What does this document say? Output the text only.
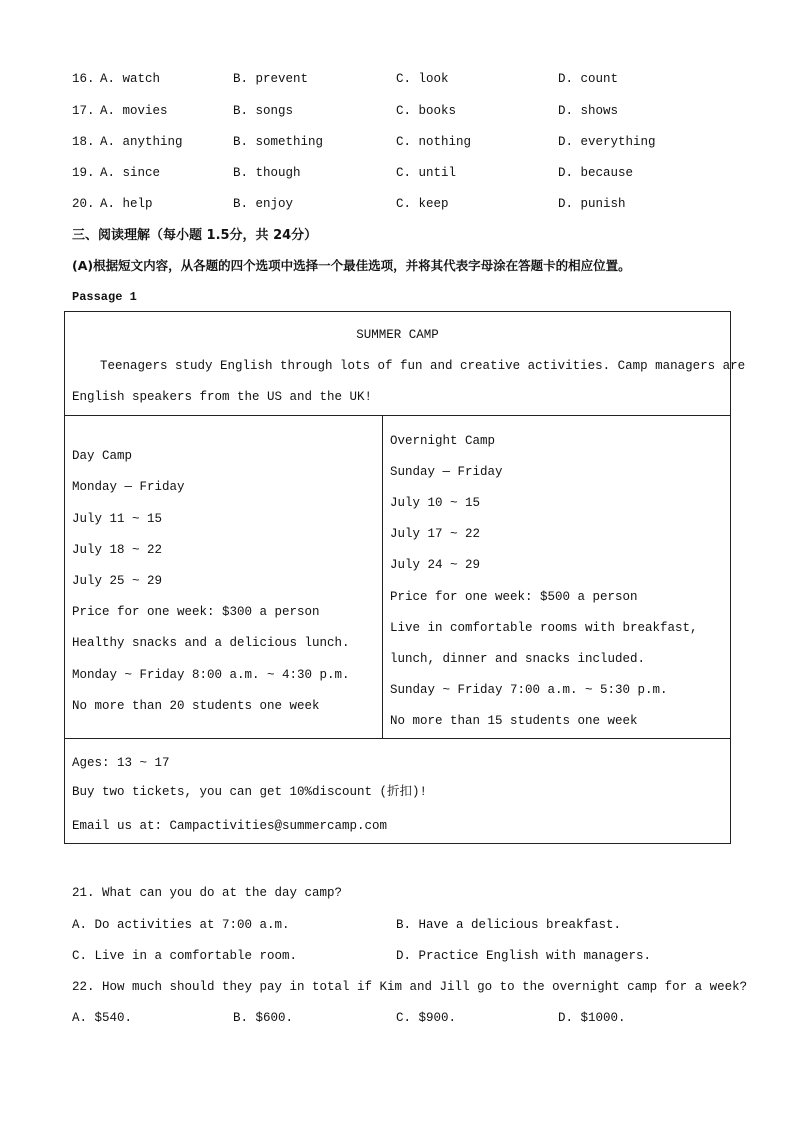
16. A. watch	B. prevent	C. look	D. count
17. A. movies	B. songs	C. books	D. shows
18. A. anything	B. something	C. nothing	D. everything
19. A. since	B. though	C. until	D. because
20. A. help	B. enjoy	C. keep	D. punish
三、阅读理解（每小题 1.5分，共 24分）
(A)根据短文内容，从各题的四个选项中选择一个最佳选项，并将其代表字母涂在答题卡的相应位置。
Passage 1
SUMMER CAMP
Teenagers study English through lots of fun and creative activities. Camp managers are
English speakers from the US and the UK!
Day Camp
Monday — Friday
July 11 ~ 15
July 18 ~ 22
July 25 ~ 29
Price for one week: $300 a person
Healthy snacks and a delicious lunch.
Monday ~ Friday 8:00 a.m. ~ 4:30 p.m.
No more than 20 students one week
Overnight Camp
Sunday — Friday
July 10 ~ 15
July 17 ~ 22
July 24 ~ 29
Price for one week: $500 a person
Live in comfortable rooms with breakfast,
lunch, dinner and snacks included.
Sunday ~ Friday 7:00 a.m. ~ 5:30 p.m.
No more than 15 students one week
Ages: 13 ~ 17
Buy two tickets, you can get 10%discount (折扣)!
Email us at: Campactivities@summercamp.com
21. What can you do at the day camp?
A. Do activities at 7:00 a.m.	B. Have a delicious breakfast.
C. Live in a comfortable room.	D. Practice English with managers.
22. How much should they pay in total if Kim and Jill go to the overnight camp for a week?
A. $540.	B. $600.	C. $900.	D. $1000.
